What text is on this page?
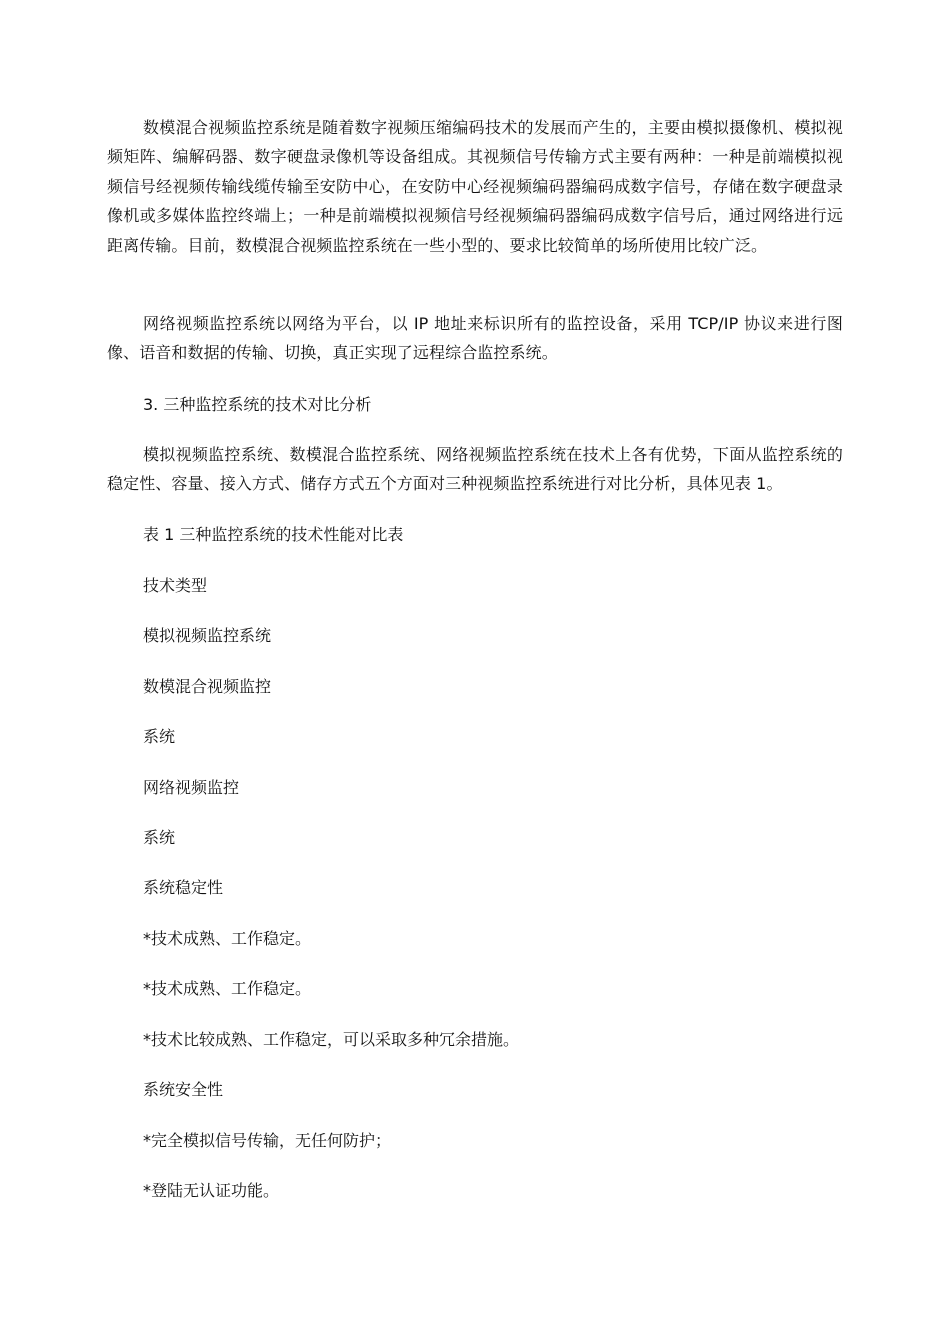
数模混合视频监控系统是随着数字视频压缩编码技术的发展而产生的，主要由模拟摄像机、模拟视频矩阵、编解码器、数字硬盘录像机等设备组成。其视频信号传输方式主要有两种：一种是前端模拟视频信号经视频传输线缆传输至安防中心，在安防中心经视频编码器编码成数字信号，存储在数字硬盘录像机或多媒体监控终端上；一种是前端模拟视频信号经视频编码器编码成数字信号后，通过网络进行远距离传输。目前，数模混合视频监控系统在一些小型的、要求比较简单的场所使用比较广泛。

网络视频监控系统以网络为平台，以 IP 地址来标识所有的监控设备，采用 TCP/IP 协议来进行图像、语音和数据的传输、切换，真正实现了远程综合监控系统。

3. 三种监控系统的技术对比分析

模拟视频监控系统、数模混合监控系统、网络视频监控系统在技术上各有优势，下面从监控系统的稳定性、容量、接入方式、储存方式五个方面对三种视频监控系统进行对比分析，具体见表 1。

表 1 三种监控系统的技术性能对比表

技术类型

模拟视频监控系统

数模混合视频监控

系统

网络视频监控

系统

系统稳定性

*技术成熟、工作稳定。

*技术成熟、工作稳定。

*技术比较成熟、工作稳定，可以采取多种冗余措施。

系统安全性

*完全模拟信号传输，无任何防护；

*登陆无认证功能。
